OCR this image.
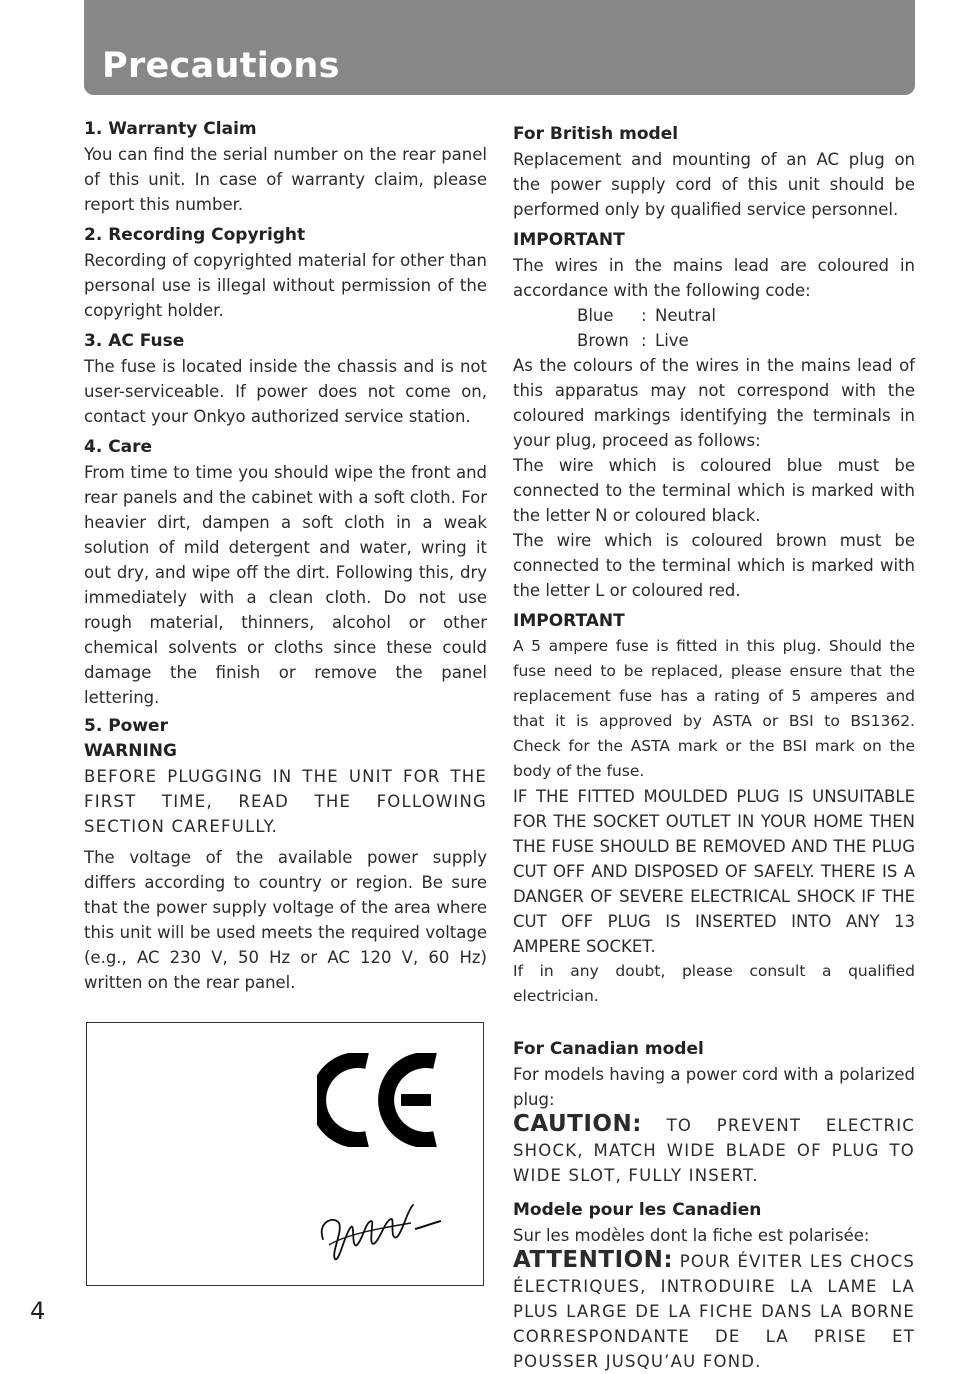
Precautions

1. Warranty Claim

You can find the serial number on the rear panel of this unit. In case of warranty claim, please report this number.

2. Recording Copyright

Recording of copyrighted material for other than personal use is illegal without permission of the copyright holder.

3. AC Fuse

The fuse is located inside the chassis and is not user-serviceable. If power does not come on, contact your Onkyo authorized service station.

4. Care

From time to time you should wipe the front and rear panels and the cabinet with a soft cloth. For heavier dirt, dampen a soft cloth in a weak solution of mild detergent and water, wring it out dry, and wipe off the dirt. Following this, dry immediately with a clean cloth. Do not use rough material, thinners, alcohol or other chemical solvents or cloths since these could damage the finish or remove the panel lettering.

5. Power

WARNING

BEFORE PLUGGING IN THE UNIT FOR THE FIRST TIME, READ THE FOLLOWING SECTION CAREFULLY.

The voltage of the available power supply differs according to country or region. Be sure that the power supply voltage of the area where this unit will be used meets the required voltage (e.g., AC 230 V, 50 Hz or AC 120 V, 60 Hz) written on the rear panel.

For British model

Replacement and mounting of an AC plug on the power supply cord of this unit should be performed only by qualified service personnel.

IMPORTANT

The wires in the mains lead are coloured in accordance with the following code:

Blue	: Neutral
Brown : Live

As the colours of the wires in the mains lead of this apparatus may not correspond with the coloured markings identifying the terminals in your plug, proceed as follows:

The wire which is coloured blue must be connected to the terminal which is marked with the letter N or coloured black.

The wire which is coloured brown must be connected to the terminal which is marked with the letter L or coloured red.

IMPORTANT

A 5 ampere fuse is fitted in this plug. Should the fuse need to be replaced, please ensure that the replacement fuse has a rating of 5 amperes and that it is approved by ASTA or BSI to BS1362. Check for the ASTA mark or the BSI mark on the body of the fuse.

IF THE FITTED MOULDED PLUG IS UNSUITABLE FOR THE SOCKET OUTLET IN YOUR HOME THEN THE FUSE SHOULD BE REMOVED AND THE PLUG CUT OFF AND DISPOSED OF SAFELY. THERE IS A DANGER OF SEVERE ELECTRICAL SHOCK IF THE CUT OFF PLUG IS INSERTED INTO ANY 13 AMPERE SOCKET.

If in any doubt, please consult a qualified electrician.

For Canadian model

For models having a power cord with a polarized plug:

CAUTION: TO PREVENT ELECTRIC SHOCK, MATCH WIDE BLADE OF PLUG TO WIDE SLOT, FULLY INSERT.

Modele pour les Canadien

Sur les modèles dont la fiche est polarisée:

ATTENTION: POUR ÉVITER LES CHOCS ÉLECTRIQUES, INTRODUIRE LA LAME LA PLUS LARGE DE LA FICHE DANS LA BORNE CORRESPONDANTE DE LA PRISE ET POUSSER JUSQU’AU FOND.

4
